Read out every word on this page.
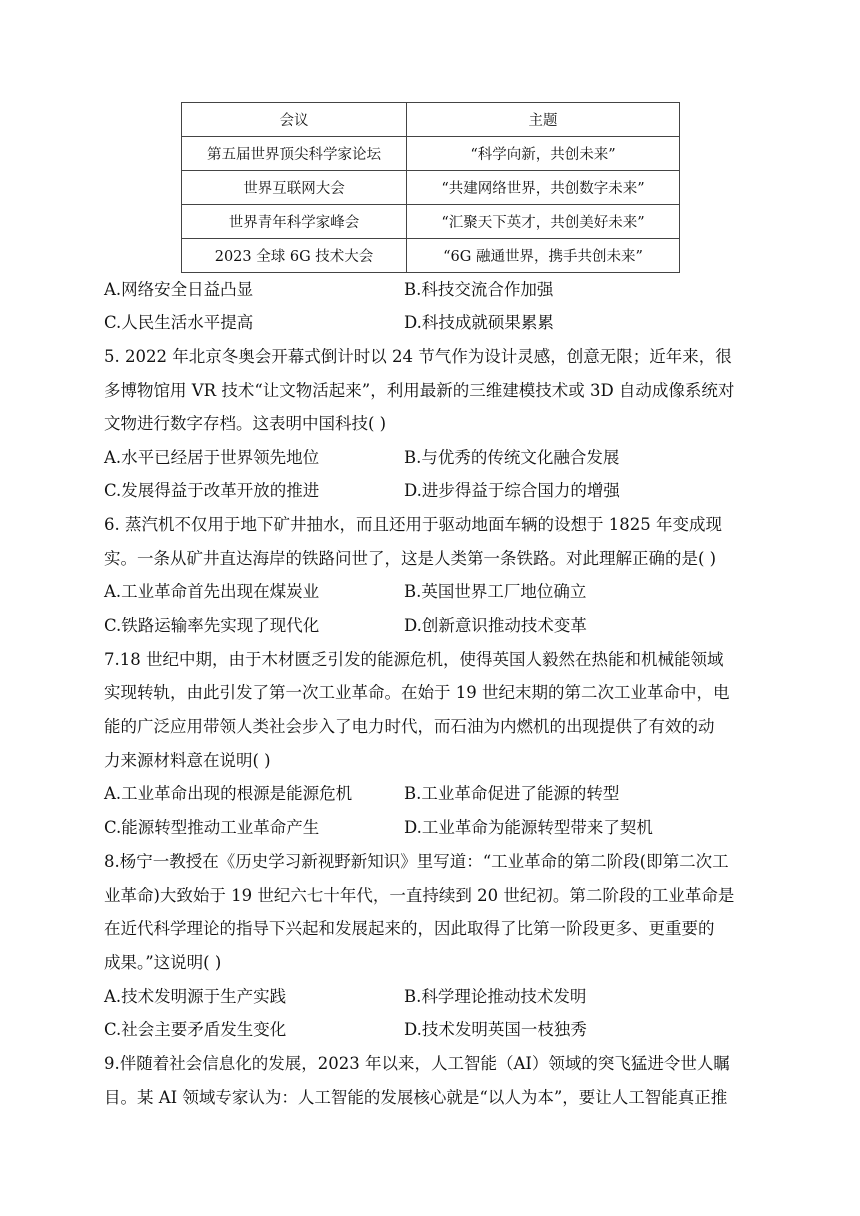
会议	主题
第五届世界顶尖科学家论坛	“科学向新，共创未来”
世界互联网大会	“共建网络世界，共创数字未来”
世界青年科学家峰会	“汇聚天下英才，共创美好未来”
2023 全球 6G 技术大会	“6G 融通世界，携手共创未来”
A.网络安全日益凸显	B.科技交流合作加强
C.人民生活水平提高	D.科技成就硕果累累
5. 2022 年北京冬奥会开幕式倒计时以 24 节气作为设计灵感，创意无限；近年来，很
多博物馆用 VR 技术“让文物活起来”，利用最新的三维建模技术或 3D 自动成像系统对
文物进行数字存档。这表明中国科技( )
A.水平已经居于世界领先地位	B.与优秀的传统文化融合发展
C.发展得益于改革开放的推进	D.进步得益于综合国力的增强
6. 蒸汽机不仅用于地下矿井抽水，而且还用于驱动地面车辆的设想于 1825 年变成现
实。一条从矿井直达海岸的铁路问世了，这是人类第一条铁路。对此理解正确的是( )
A.工业革命首先出现在煤炭业	B.英国世界工厂地位确立
C.铁路运输率先实现了现代化	D.创新意识推动技术变革
7.18 世纪中期，由于木材匮乏引发的能源危机，使得英国人毅然在热能和机械能领域
实现转轨，由此引发了第一次工业革命。在始于 19 世纪末期的第二次工业革命中，电
能的广泛应用带领人类社会步入了电力时代，而石油为内燃机的出现提供了有效的动
力来源材料意在说明( )
A.工业革命出现的根源是能源危机	B.工业革命促进了能源的转型
C.能源转型推动工业革命产生	D.工业革命为能源转型带来了契机
8.杨宁一教授在《历史学习新视野新知识》里写道：“工业革命的第二阶段(即第二次工
业革命)大致始于 19 世纪六七十年代，一直持续到 20 世纪初。第二阶段的工业革命是
在近代科学理论的指导下兴起和发展起来的，因此取得了比第一阶段更多、更重要的
成果。”这说明( )
A.技术发明源于生产实践	B.科学理论推动技术发明
C.社会主要矛盾发生变化	D.技术发明英国一枝独秀
9.伴随着社会信息化的发展，2023 年以来，人工智能（AI）领域的突飞猛进令世人瞩
目。某 AI 领域专家认为：人工智能的发展核心就是“以人为本”，要让人工智能真正推
